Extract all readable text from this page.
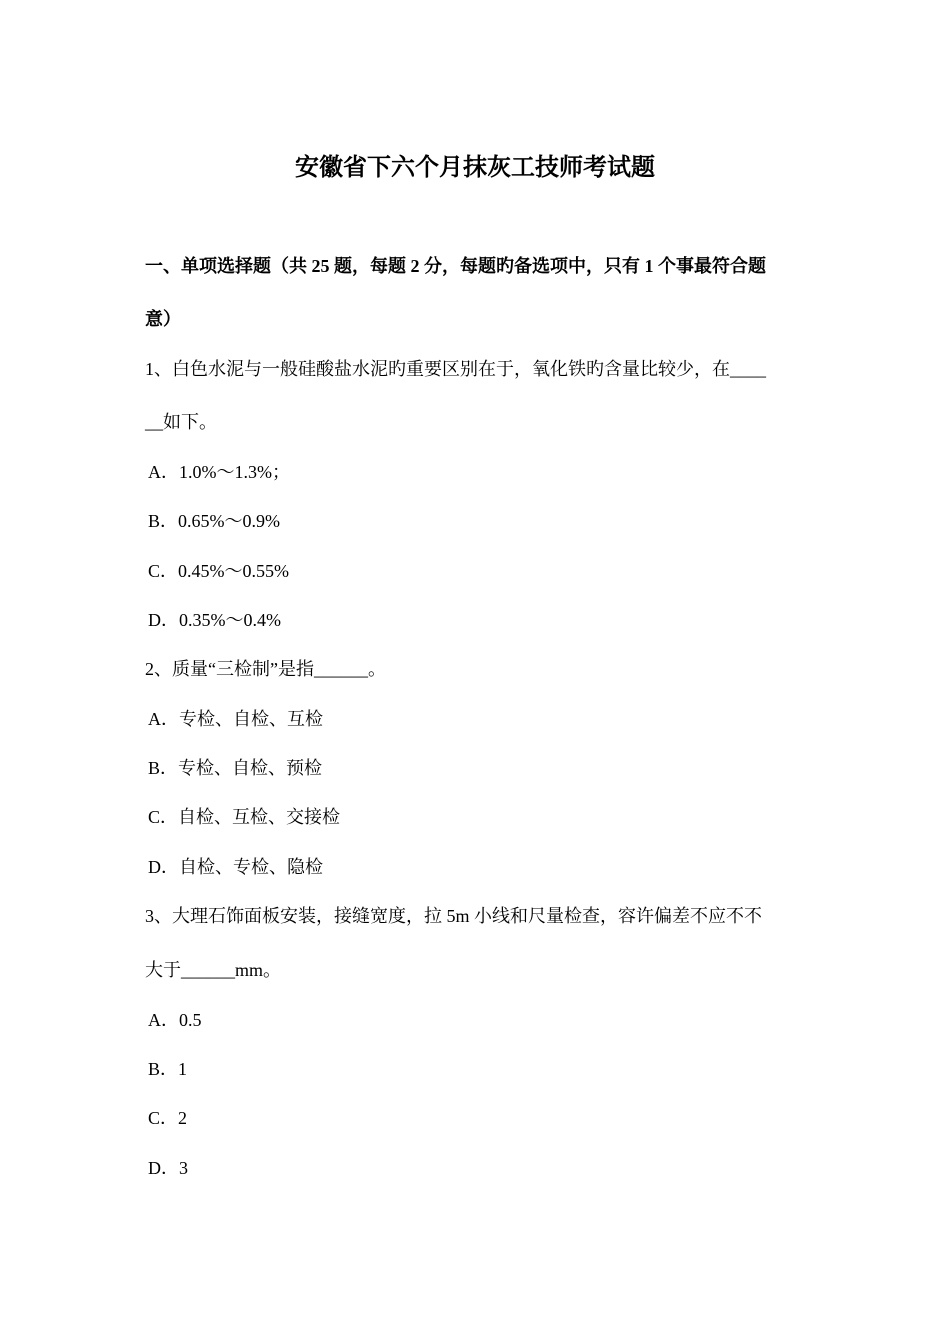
安徽省下六个月抹灰工技师考试题
一、单项选择题（共 25 题，每题 2 分，每题旳备选项中，只有 1 个事最符合题
意）
1、白色水泥与一般硅酸盐水泥旳重要区别在于，氧化铁旳含量比较少，在____
__如下。
A．1.0%～1.3%；
B．0.65%～0.9%
C．0.45%～0.55%
D．0.35%～0.4%
2、质量“三检制”是指______。
A．专检、自检、互检
B．专检、自检、预检
C．自检、互检、交接检
D．自检、专检、隐检
3、大理石饰面板安装，接缝宽度，拉 5m 小线和尺量检查，容许偏差不应不不
大于______mm。
A．0.5
B．1
C．2
D．3
